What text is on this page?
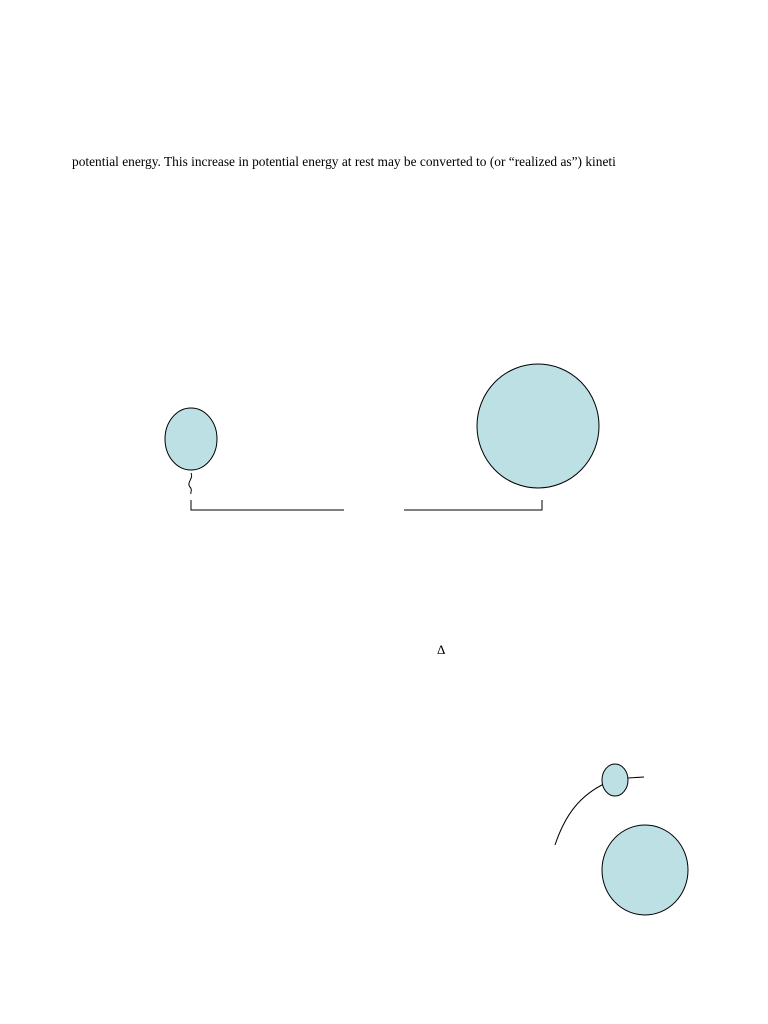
potential energy. This increase in potential energy at rest may be converted to (or “realized as”) kineti
Δ
